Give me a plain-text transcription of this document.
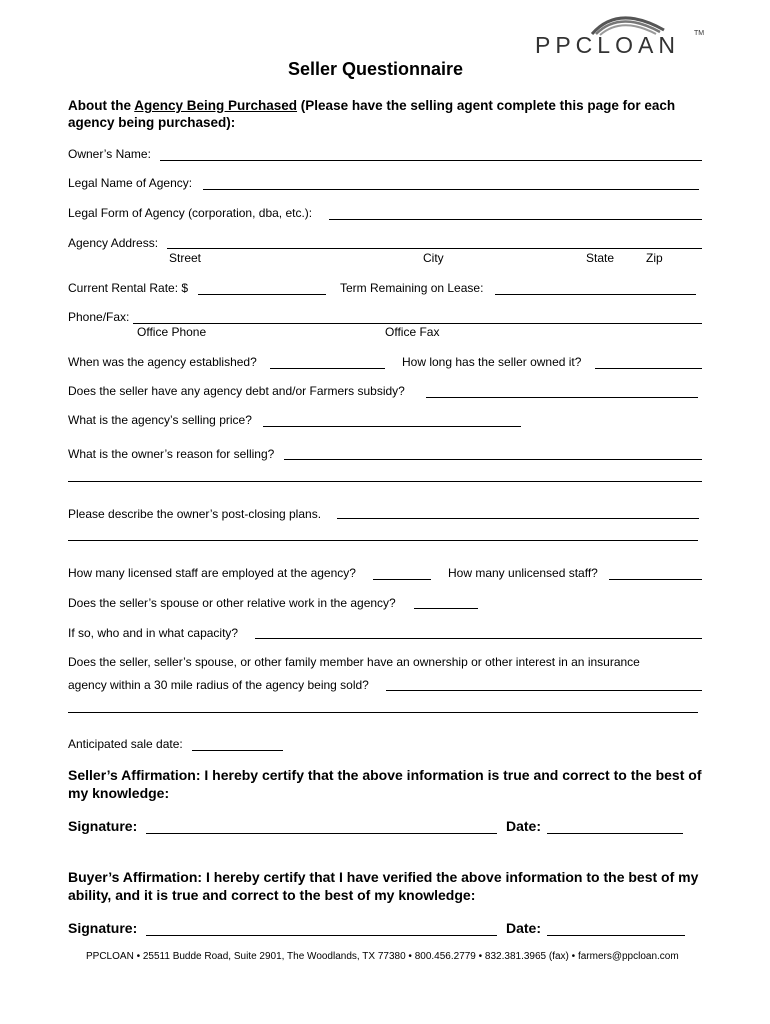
PPCLOAN TM
Seller Questionnaire
About the Agency Being Purchased (Please have the selling agent complete this page for each agency being purchased):
Owner’s Name:
Legal Name of Agency:
Legal Form of Agency (corporation, dba, etc.):
Agency Address:
Street	City	State	Zip
Current Rental Rate: $	Term Remaining on Lease:
Phone/Fax:
Office Phone	Office Fax
When was the agency established?	How long has the seller owned it?
Does the seller have any agency debt and/or Farmers subsidy?
What is the agency’s selling price?
What is the owner’s reason for selling?
Please describe the owner’s post-closing plans.
How many licensed staff are employed at the agency?	How many unlicensed staff?
Does the seller’s spouse or other relative work in the agency?
If so, who and in what capacity?
Does the seller, seller’s spouse, or other family member have an ownership or other interest in an insurance
agency within a 30 mile radius of the agency being sold?
Anticipated sale date:
Seller’s Affirmation: I hereby certify that the above information is true and correct to the best of my knowledge:
Signature:	Date:
Buyer’s Affirmation: I hereby certify that I have verified the above information to the best of my ability, and it is true and correct to the best of my knowledge:
Signature:	Date:
PPCLOAN • 25511 Budde Road, Suite 2901, The Woodlands, TX 77380 • 800.456.2779 • 832.381.3965 (fax) • farmers@ppcloan.com
